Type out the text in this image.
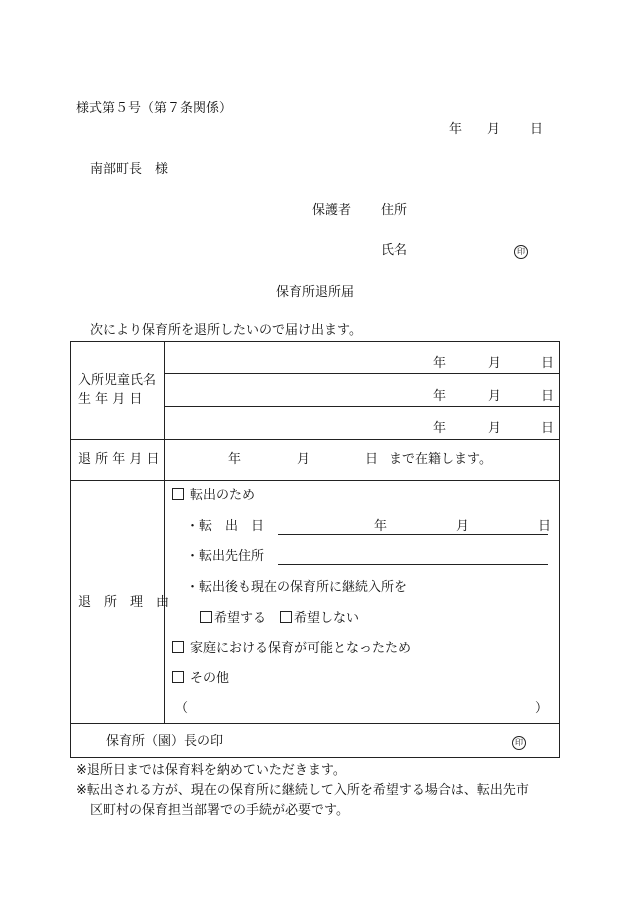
様式第５号（第７条関係）
年 月 日
南部町長　様
保護者 住所
氏名	印
保育所退所届
次により保育所を退所したいので届け出ます。
入所児童氏名
生 年 月 日
年	月	日
年	月	日
年	月	日
退 所 年 月 日	年	月	日 まで在籍します。
退　所　理　由
転出のため
・転　出　日	年	月	日
・転出先住所
・転出後も現在の保育所に継続入所を
希望する	希望しない
家庭における保育が可能となったため
その他
（	）
保育所（園）長の印	印
※退所日までは保育料を納めていただきます。
※転出される方が、現在の保育所に継続して入所を希望する場合は、転出先市
区町村の保育担当部署での手続が必要です。
